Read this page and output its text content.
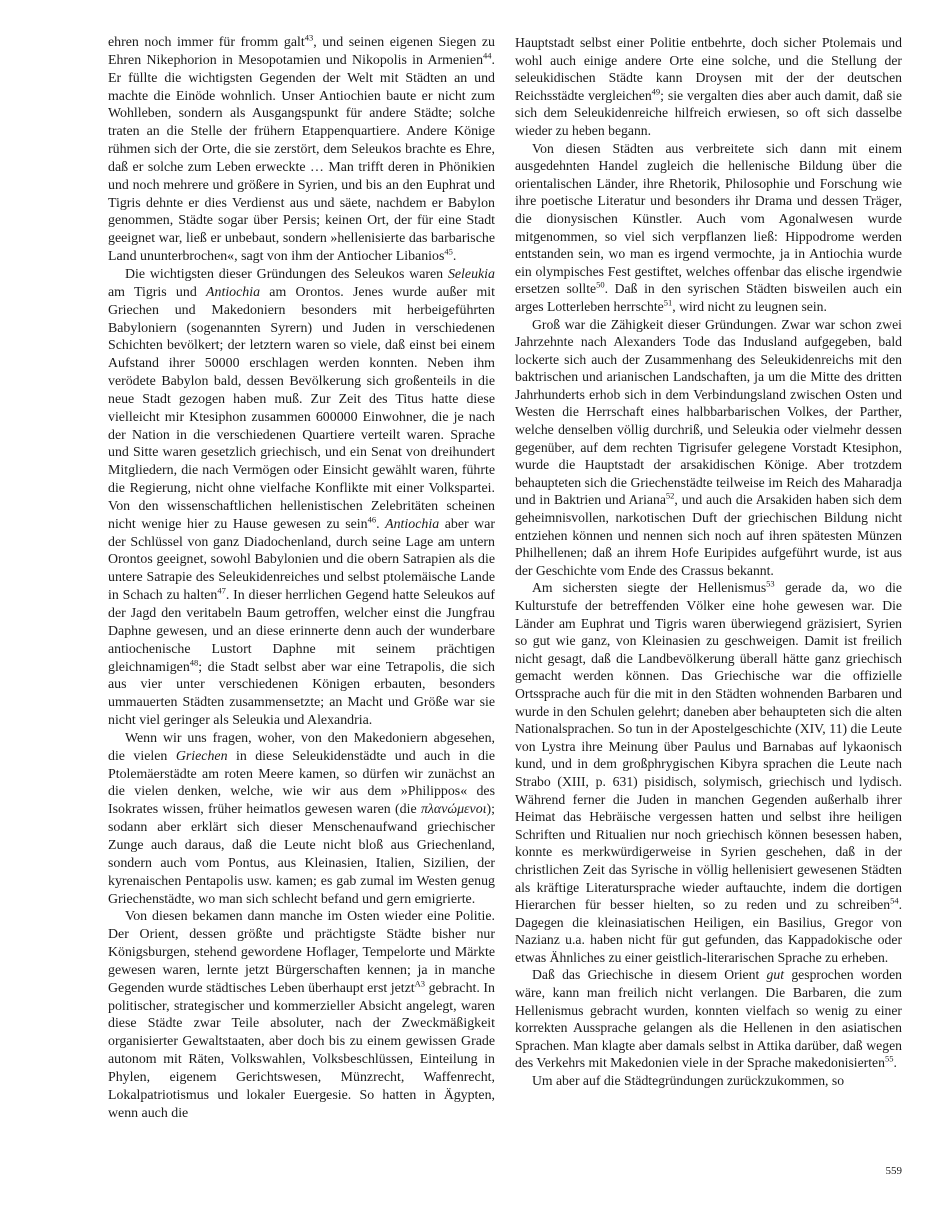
ehren noch immer für fromm galt$^{43}$, und seinen eigenen Siegen zu Ehren Nikephorion in Mesopotamien und Nikopolis in Armenien$^{44}$. Er füllte die wichtigsten Gegenden der Welt mit Städten an und machte die Einöde wohnlich. Unser Antiochien baute er nicht zum Wohlleben, sondern als Ausgangspunkt für andere Städte; solche traten an die Stelle der frühern Etappenquartiere. Andere Könige rühmen sich der Orte, die sie zerstört, dem Seleukos brachte es Ehre, daß er solche zum Leben erweckte … Man trifft deren in Phönikien und noch mehrere und größere in Syrien, und bis an den Euphrat und Tigris dehnte er dies Verdienst aus und säete, nachdem er Babylon genommen, Städte sogar über Persis; keinen Ort, der für eine Stadt geeignet war, ließ er unbebaut, sondern »hellenisierte das barbarische Land ununterbrochen«, sagt von ihm der Antiocher Libanios$^{45}$.

Die wichtigsten dieser Gründungen des Seleukos waren Seleukia am Tigris und Antiochia am Orontos. Jenes wurde außer mit Griechen und Makedoniern besonders mit herbeigeführten Babyloniern (sogenannten Syrern) und Juden in verschiedenen Schichten bevölkert; der letztern waren so viele, daß einst bei einem Aufstand ihrer 50000 erschlagen werden konnten. Neben ihm verödete Babylon bald, dessen Bevölkerung sich großenteils in die neue Stadt gezogen haben muß. Zur Zeit des Titus hatte diese vielleicht mir Ktesiphon zusammen 600000 Einwohner, die je nach der Nation in die verschiedenen Quartiere verteilt waren. Sprache und Sitte waren gesetzlich griechisch, und ein Senat von dreihundert Mitgliedern, die nach Vermögen oder Einsicht gewählt waren, führte die Regierung, nicht ohne vielfache Konflikte mit einer Volkspartei. Von den wissenschaftlichen hellenistischen Zelebritäten scheinen nicht wenige hier zu Hause gewesen zu sein$^{46}$. Antiochia aber war der Schlüssel von ganz Diadochenland, durch seine Lage am untern Orontos geeignet, sowohl Babylonien und die obern Satrapien als die untere Satrapie des Seleukidenreiches und selbst ptolemäische Lande in Schach zu halten$^{47}$. In dieser herrlichen Gegend hatte Seleukos auf der Jagd den veritabeln Baum getroffen, welcher einst die Jungfrau Daphne gewesen, und an diese erinnerte denn auch der wunderbare antiochenische Lustort Daphne mit seinem prächtigen gleichnamigen$^{48}$; die Stadt selbst aber war eine Tetrapolis, die sich aus vier unter verschiedenen Königen erbauten, besonders ummauerten Städten zusammensetzte; an Macht und Größe war sie nicht viel geringer als Seleukia und Alexandria.

Wenn wir uns fragen, woher, von den Makedoniern abgesehen, die vielen Griechen in diese Seleukidenstädte und auch in die Ptolemäerstädte am roten Meere kamen, so dürfen wir zunächst an die vielen denken, welche, wie wir aus dem »Philippos« des Isokrates wissen, früher heimatlos gewesen waren (die πλανώμενοι); sodann aber erklärt sich dieser Menschenaufwand griechischer Zunge auch daraus, daß die Leute nicht bloß aus Griechenland, sondern auch vom Pontus, aus Kleinasien, Italien, Sizilien, der kyrenaischen Pentapolis usw. kamen; es gab zumal im Westen genug Griechenstädte, wo man sich schlecht befand und gern emigrierte.

Von diesen bekamen dann manche im Osten wieder eine Politie. Der Orient, dessen größte und prächtigste Städte bisher nur Königsburgen, stehend gewordene Hoflager, Tempelorte und Märkte gewesen waren, lernte jetzt Bürgerschaften kennen; ja in manche Gegenden wurde städtisches Leben überhaupt erst jetzt$^{A3}$ gebracht. In politischer, strategischer und kommerzieller Absicht angelegt, waren diese Städte zwar Teile absoluter, nach der Zweckmäßigkeit organisierter Gewaltstaaten, aber doch bis zu einem gewissen Grade autonom mit Räten, Volkswahlen, Volksbeschlüssen, Einteilung in Phylen, eigenem Gerichtswesen, Münzrecht, Waffenrecht, Lokalpatriotismus und lokaler Euergesie. So hatten in Ägypten, wenn auch die

Hauptstadt selbst einer Politie entbehrte, doch sicher Ptolemais und wohl auch einige andere Orte eine solche, und die Stellung der seleukidischen Städte kann Droysen mit der der deutschen Reichsstädte vergleichen$^{49}$; sie vergalten dies aber auch damit, daß sie sich dem Seleukidenreiche hilfreich erwiesen, so oft sich dasselbe wieder zu heben begann.

Von diesen Städten aus verbreitete sich dann mit einem ausgedehnten Handel zugleich die hellenische Bildung über die orientalischen Länder, ihre Rhetorik, Philosophie und Forschung wie ihre poetische Literatur und besonders ihr Drama und dessen Träger, die dionysischen Künstler. Auch vom Agonalwesen wurde mitgenommen, so viel sich verpflanzen ließ: Hippodrome werden entstanden sein, wo man es irgend vermochte, ja in Antiochia wurde ein olympisches Fest gestiftet, welches offenbar das elische irgendwie ersetzen sollte$^{50}$. Daß in den syrischen Städten bisweilen auch ein arges Lotterleben herrschte$^{51}$, wird nicht zu leugnen sein.

Groß war die Zähigkeit dieser Gründungen. Zwar war schon zwei Jahrzehnte nach Alexanders Tode das Indusland aufgegeben, bald lockerte sich auch der Zusammenhang des Seleukidenreichs mit den baktrischen und arianischen Landschaften, ja um die Mitte des dritten Jahrhunderts erhob sich in dem Verbindungsland zwischen Osten und Westen die Herrschaft eines halbbarbarischen Volkes, der Parther, welche denselben völlig durchriß, und Seleukia oder vielmehr dessen gegenüber, auf dem rechten Tigrisufer gelegene Vorstadt Ktesiphon, wurde die Hauptstadt der arsakidischen Könige. Aber trotzdem behaupteten sich die Griechenstädte teilweise im Reich des Maharadja und in Baktrien und Ariana$^{52}$, und auch die Arsakiden haben sich dem geheimnisvollen, narkotischen Duft der griechischen Bildung nicht entziehen können und nennen sich noch auf ihren spätesten Münzen Philhellenen; daß an ihrem Hofe Euripides aufgeführt wurde, ist aus der Geschichte vom Ende des Crassus bekannt.

Am sichersten siegte der Hellenismus$^{53}$ gerade da, wo die Kulturstufe der betreffenden Völker eine hohe gewesen war. Die Länder am Euphrat und Tigris waren überwiegend gräzisiert, Syrien so gut wie ganz, von Kleinasien zu geschweigen. Damit ist freilich nicht gesagt, daß die Landbevölkerung überall hätte ganz griechisch gemacht werden können. Das Griechische war die offizielle Ortssprache auch für die mit in den Städten wohnenden Barbaren und wurde in den Schulen gelehrt; daneben aber behaupteten sich die alten Nationalsprachen. So tun in der Apostelgeschichte (XIV, 11) die Leute von Lystra ihre Meinung über Paulus und Barnabas auf lykaonisch kund, und in dem großphrygischen Kibyra sprachen die Leute nach Strabo (XIII, p. 631) pisidisch, solymisch, griechisch und lydisch. Während ferner die Juden in manchen Gegenden außerhalb ihrer Heimat das Hebräische vergessen hatten und selbst ihre heiligen Schriften und Ritualien nur noch griechisch können besessen haben, konnte es merkwürdigerweise in Syrien geschehen, daß in der christlichen Zeit das Syrische in völlig hellenisiert gewesenen Städten als kräftige Literatursprache wieder auftauchte, indem die dortigen Hierarchen für besser hielten, so zu reden und zu schreiben$^{54}$. Dagegen die kleinasiatischen Heiligen, ein Basilius, Gregor von Nazianz u.a. haben nicht für gut gefunden, das Kappadokische oder etwas Ähnliches zu einer geistlich-literarischen Sprache zu erheben.

Daß das Griechische in diesem Orient gut gesprochen worden wäre, kann man freilich nicht verlangen. Die Barbaren, die zum Hellenismus gebracht wurden, konnten vielfach so wenig zu einer korrekten Aussprache gelangen als die Hellenen in den asiatischen Sprachen. Man klagte aber damals selbst in Attika darüber, daß wegen des Verkehrs mit Makedonien viele in der Sprache makedonisierten$^{55}$.

Um aber auf die Städtegründungen zurückzukommen, so

559
